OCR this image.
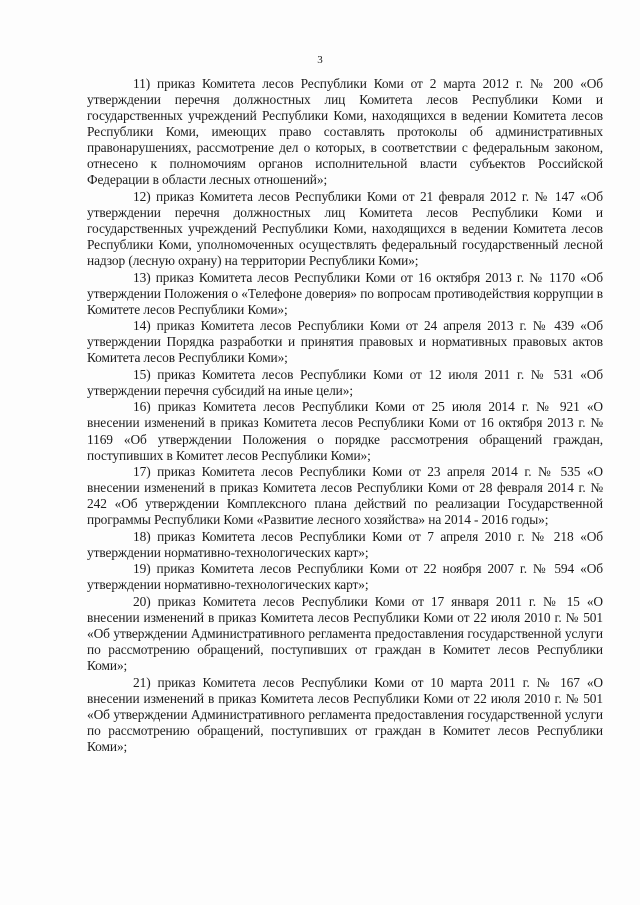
3

11) приказ Комитета лесов Республики Коми от 2 марта 2012 г. № 200 «Об утверждении перечня должностных лиц Комитета лесов Республики Коми и государственных учреждений Республики Коми, находящихся в ведении Комитета лесов Республики Коми, имеющих право составлять протоколы об административных правонарушениях, рассмотрение дел о которых, в соответствии с федеральным законом, отнесено к полномочиям органов исполнительной власти субъектов Российской Федерации в области лесных отношений»;

12) приказ Комитета лесов Республики Коми от 21 февраля 2012 г. № 147 «Об утверждении перечня должностных лиц Комитета лесов Республики Коми и государственных учреждений Республики Коми, находящихся в ведении Комитета лесов Республики Коми, уполномоченных осуществлять федеральный государственный лесной надзор (лесную охрану) на территории Республики Коми»;

13) приказ Комитета лесов Республики Коми от 16 октября 2013 г. № 1170 «Об утверждении Положения о «Телефоне доверия» по вопросам противодействия коррупции в Комитете лесов Республики Коми»;

14) приказ Комитета лесов Республики Коми от 24 апреля 2013 г. № 439 «Об утверждении Порядка разработки и принятия правовых и нормативных правовых актов Комитета лесов Республики Коми»;

15) приказ Комитета лесов Республики Коми от 12 июля 2011 г. № 531 «Об утверждении перечня субсидий на иные цели»;

16) приказ Комитета лесов Республики Коми от 25 июля 2014 г. № 921 «О внесении изменений в приказ Комитета лесов Республики Коми от 16 октября 2013 г. № 1169 «Об утверждении Положения о порядке рассмотрения обращений граждан, поступивших в Комитет лесов Республики Коми»;

17) приказ Комитета лесов Республики Коми от 23 апреля 2014 г. № 535 «О внесении изменений в приказ Комитета лесов Республики Коми от 28 февраля 2014 г. № 242 «Об утверждении Комплексного плана действий по реализации Государственной программы Республики Коми «Развитие лесного хозяйства» на 2014 - 2016 годы»;

18) приказ Комитета лесов Республики Коми от 7 апреля 2010 г. № 218 «Об утверждении нормативно-технологических карт»;

19) приказ Комитета лесов Республики Коми от 22 ноября 2007 г. № 594 «Об утверждении нормативно-технологических карт»;

20) приказ Комитета лесов Республики Коми от 17 января 2011 г. № 15 «О внесении изменений в приказ Комитета лесов Республики Коми от 22 июля 2010 г. № 501 «Об утверждении Административного регламента предоставления государственной услуги по рассмотрению обращений, поступивших от граждан в Комитет лесов Республики Коми»;

21) приказ Комитета лесов Республики Коми от 10 марта 2011 г. № 167 «О внесении изменений в приказ Комитета лесов Республики Коми от 22 июля 2010 г. № 501 «Об утверждении Административного регламента предоставления государственной услуги по рассмотрению обращений, поступивших от граждан в Комитет лесов Республики Коми»;
